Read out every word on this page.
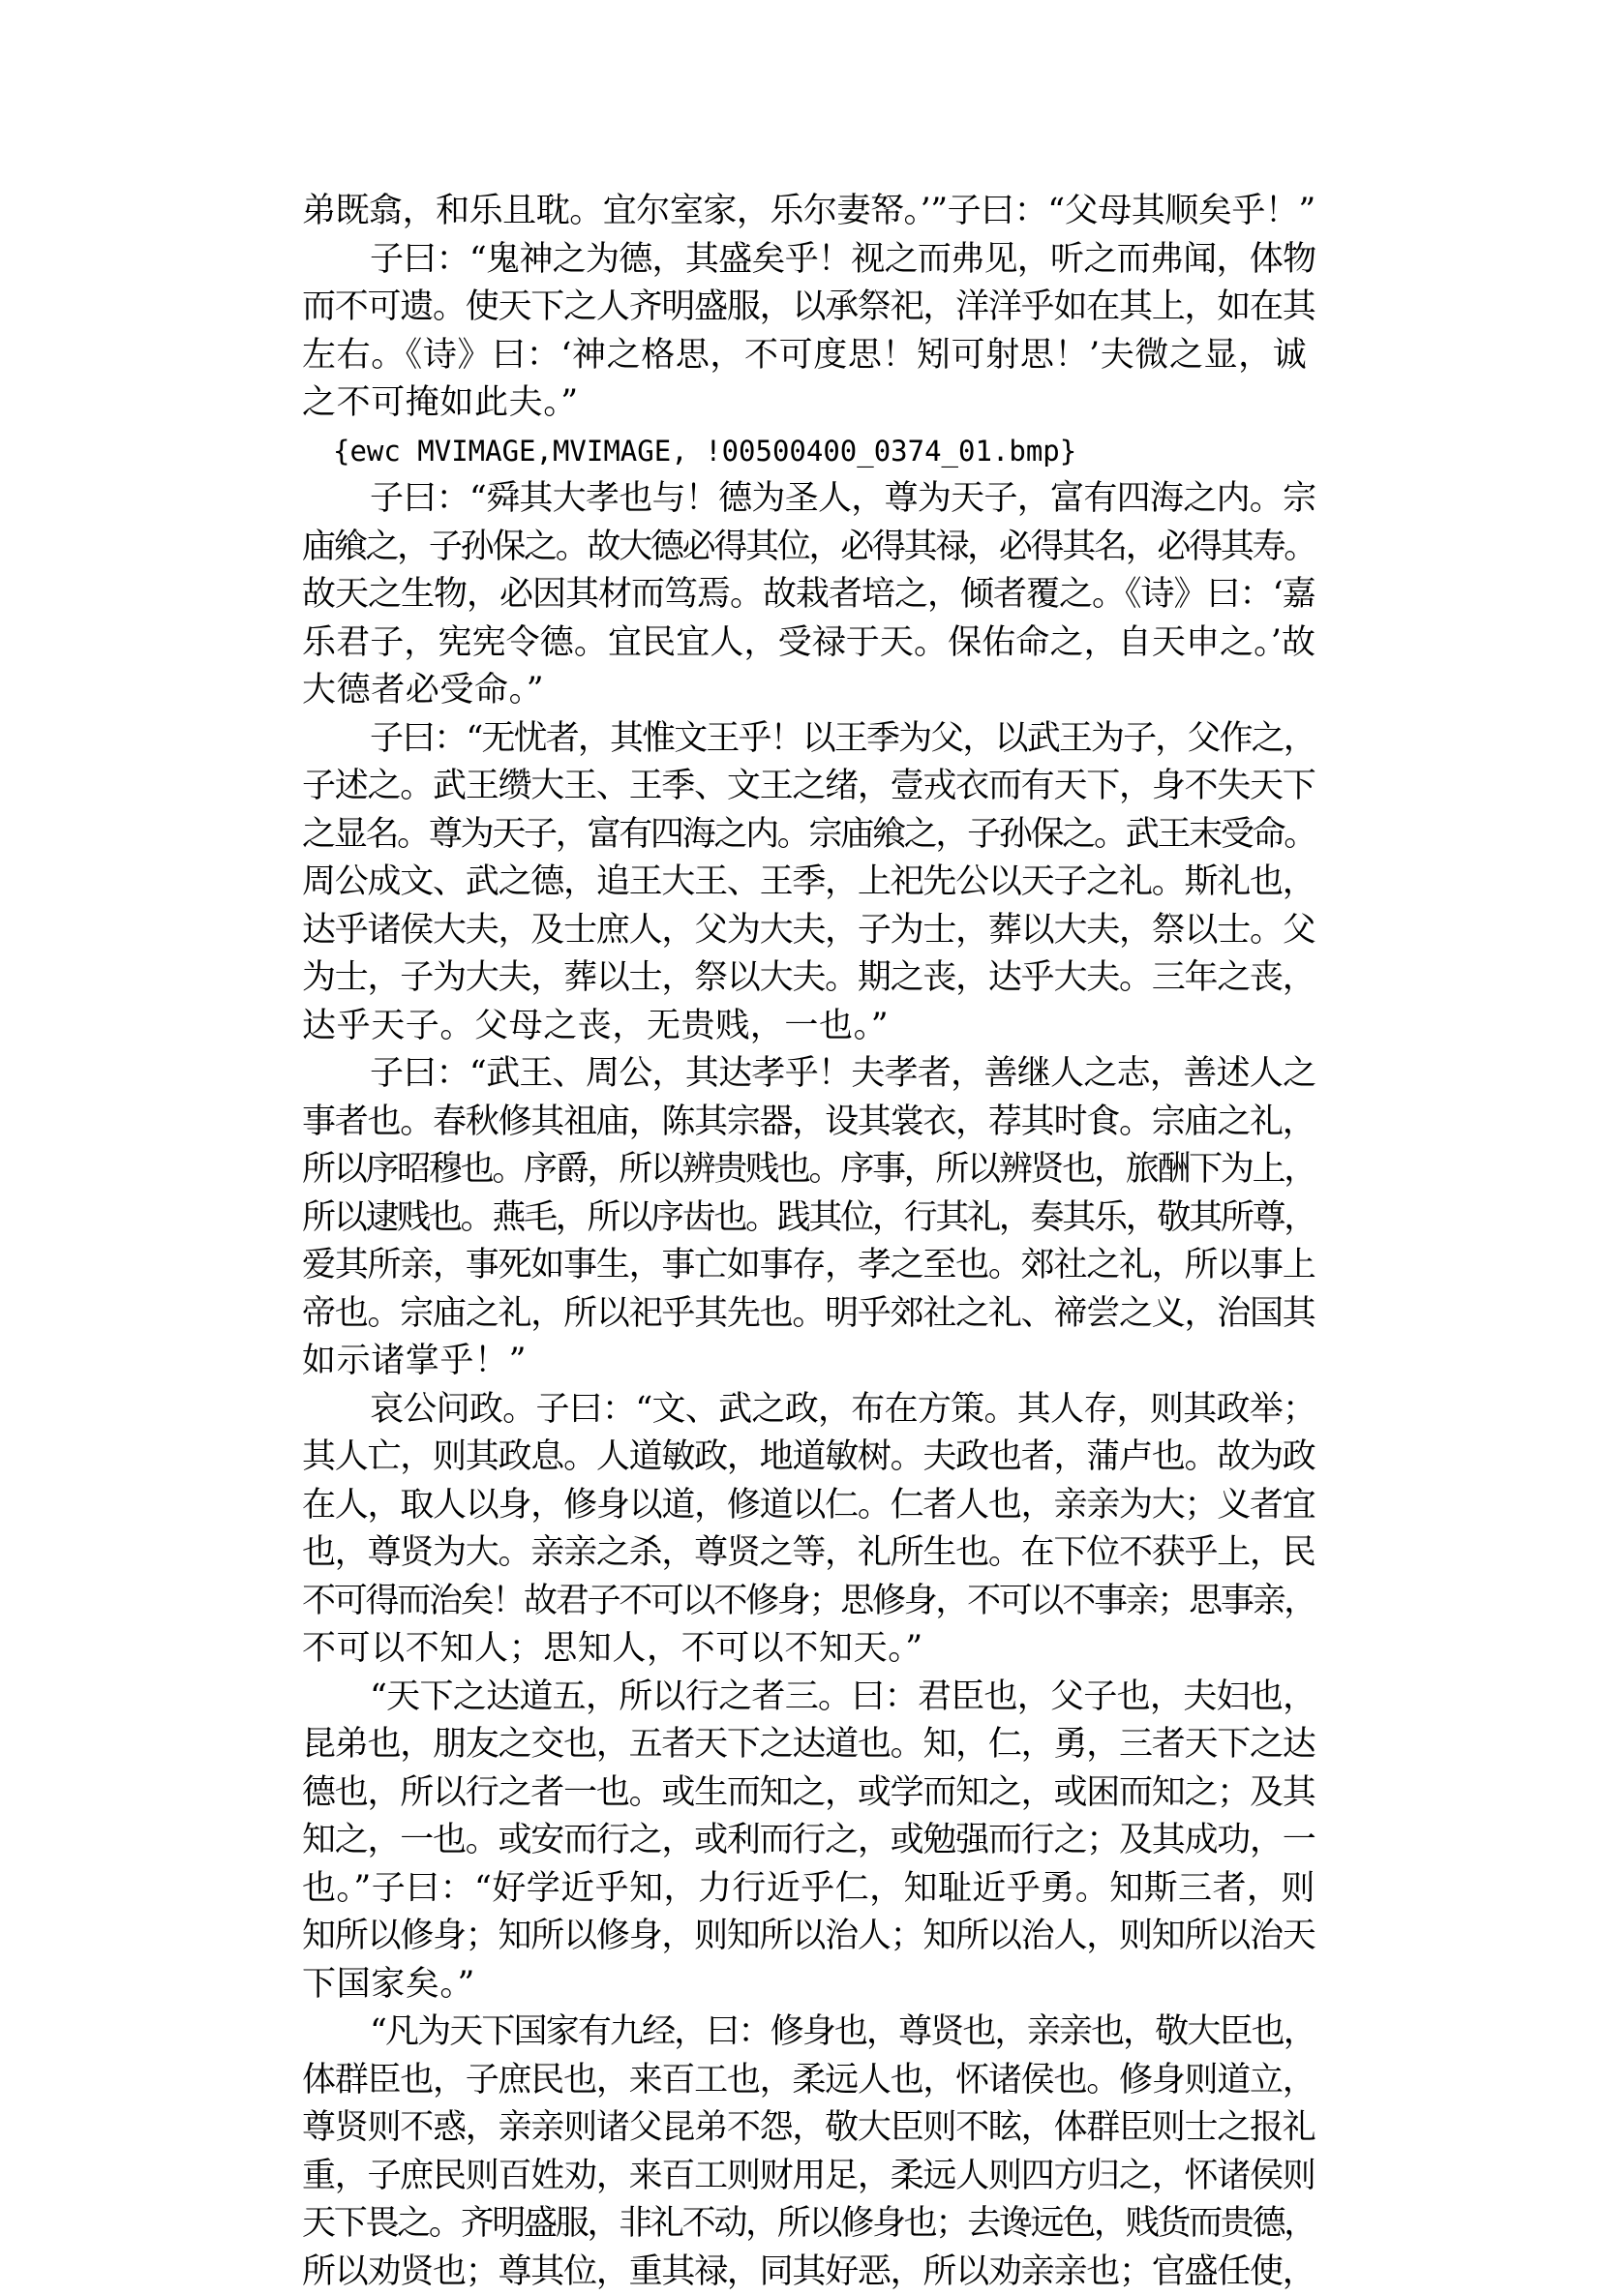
弟既翕，和乐且耽。宜尔室家，乐尔妻帑。’”子曰：“父母其顺矣乎！”
子曰：“鬼神之为德，其盛矣乎！视之而弗见，听之而弗闻，体物
而不可遗。使天下之人齐明盛服，以承祭祀，洋洋乎如在其上，如在其
左右。《诗》曰：‘神之格思，不可度思！矧可射思！’夫微之显，诚
之不可掩如此夫。”
{ewc MVIMAGE,MVIMAGE, !00500400_0374_01.bmp}
子曰：“舜其大孝也与！德为圣人，尊为天子，富有四海之内。宗
庙飨之，子孙保之。故大德必得其位，必得其禄，必得其名，必得其寿。
故天之生物，必因其材而笃焉。故栽者培之，倾者覆之。《诗》曰：‘嘉
乐君子，宪宪令德。宜民宜人，受禄于天。保佑命之，自天申之。’故
大德者必受命。”
子曰：“无忧者，其惟文王乎！以王季为父，以武王为子，父作之，
子述之。武王缵大王、王季、文王之绪，壹戎衣而有天下，身不失天下
之显名。尊为天子，富有四海之内。宗庙飨之，子孙保之。武王末受命。
周公成文、武之德，追王大王、王季，上祀先公以天子之礼。斯礼也，
达乎诸侯大夫，及士庶人，父为大夫，子为士，葬以大夫，祭以士。父
为士，子为大夫，葬以士，祭以大夫。期之丧，达乎大夫。三年之丧，
达乎天子。父母之丧，无贵贱，一也。”
子曰：“武王、周公，其达孝乎！夫孝者，善继人之志，善述人之
事者也。春秋修其祖庙，陈其宗器，设其裳衣，荐其时食。宗庙之礼，
所以序昭穆也。序爵，所以辨贵贱也。序事，所以辨贤也，旅酬下为上，
所以逮贱也。燕毛，所以序齿也。践其位，行其礼，奏其乐，敬其所尊，
爱其所亲，事死如事生，事亡如事存，孝之至也。郊社之礼，所以事上
帝也。宗庙之礼，所以祀乎其先也。明乎郊社之礼、禘尝之义，治国其
如示诸掌乎！”
哀公问政。子曰：“文、武之政，布在方策。其人存，则其政举；
其人亡，则其政息。人道敏政，地道敏树。夫政也者，蒲卢也。故为政
在人，取人以身，修身以道，修道以仁。仁者人也，亲亲为大；义者宜
也，尊贤为大。亲亲之杀，尊贤之等，礼所生也。在下位不获乎上，民
不可得而治矣！故君子不可以不修身；思修身，不可以不事亲；思事亲，
不可以不知人；思知人，不可以不知天。”
“天下之达道五，所以行之者三。曰：君臣也，父子也，夫妇也，
昆弟也，朋友之交也，五者天下之达道也。知，仁，勇，三者天下之达
德也，所以行之者一也。或生而知之，或学而知之，或困而知之；及其
知之，一也。或安而行之，或利而行之，或勉强而行之；及其成功，一
也。”子曰：“好学近乎知，力行近乎仁，知耻近乎勇。知斯三者，则
知所以修身；知所以修身，则知所以治人；知所以治人，则知所以治天
下国家矣。”
“凡为天下国家有九经，曰：修身也，尊贤也，亲亲也，敬大臣也，
体群臣也，子庶民也，来百工也，柔远人也，怀诸侯也。修身则道立，
尊贤则不惑，亲亲则诸父昆弟不怨，敬大臣则不眩，体群臣则士之报礼
重，子庶民则百姓劝，来百工则财用足，柔远人则四方归之，怀诸侯则
天下畏之。齐明盛服，非礼不动，所以修身也；去谗远色，贱货而贵德，
所以劝贤也；尊其位，重其禄，同其好恶，所以劝亲亲也；官盛任使，
